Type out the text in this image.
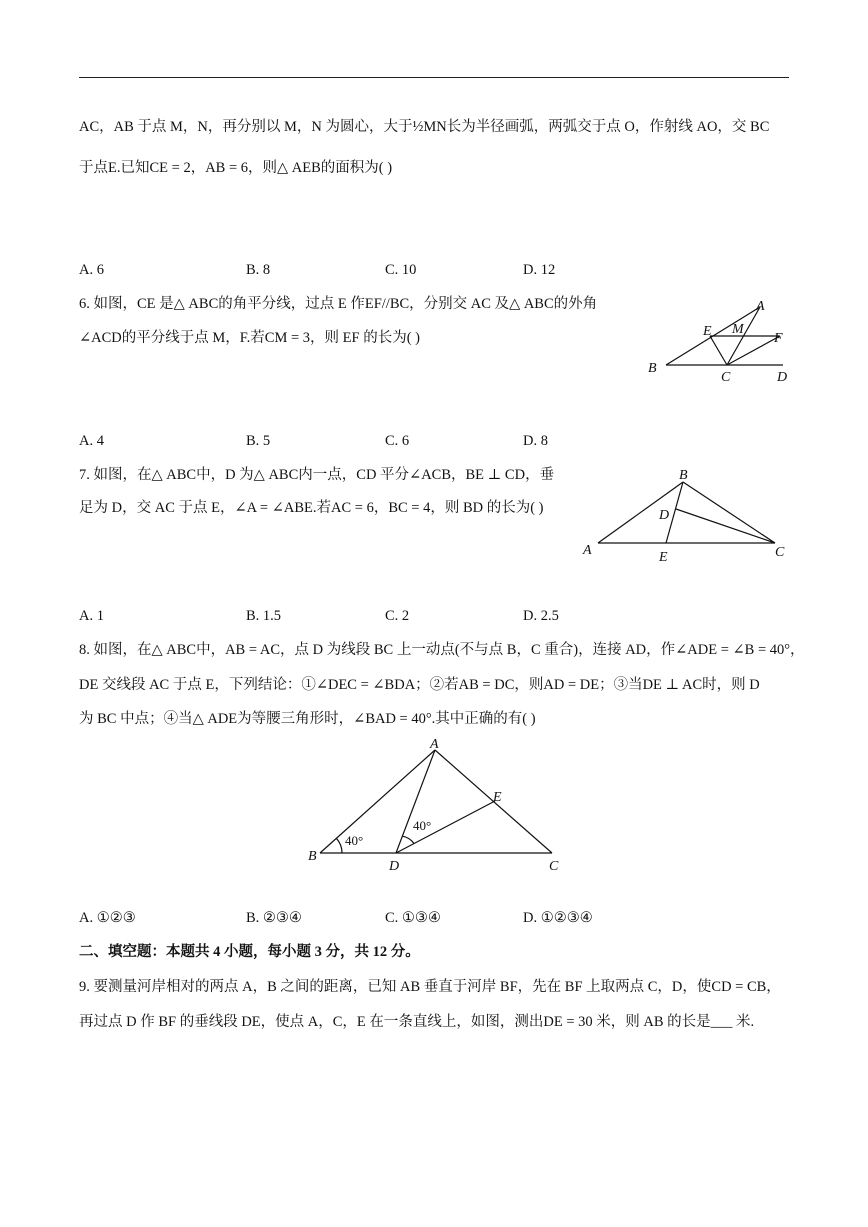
AC，AB 于点 M，N，再分别以 M，N 为圆心，大于½MN长为半径画弧，两弧交于点 O，作射线 AO，交 BC
于点E.已知CE = 2，AB = 6，则△ AEB的面积为( )
A. 6	B. 8	C. 10	D. 12
6. 如图，CE 是△ ABC的角平分线，过点 E 作EF//BC，分别交 AC 及△ ABC的外角
∠ACD的平分线于点 M，F.若CM = 3，则 EF 的长为( )
A
E M
F
B
C	D
A. 4	B. 5	C. 6	D. 8
7. 如图，在△ ABC中，D 为△ ABC内一点，CD 平分∠ACB，BE ⊥ CD，垂
足为 D，交 AC 于点 E，∠A = ∠ABE.若AC = 6，BC = 4，则 BD 的长为( )
B
D
A	E	C
A. 1	B. 1.5	C. 2	D. 2.5
8. 如图，在△ ABC中，AB = AC，点 D 为线段 BC 上一动点(不与点 B，C 重合)，连接 AD，作∠ADE = ∠B = 40°，
DE 交线段 AC 于点 E，下列结论：①∠DEC = ∠BDA；②若AB = DC，则AD = DE；③当DE ⊥ AC时，则 D
为 BC 中点；④当△ ADE为等腰三角形时，∠BAD = 40°.其中正确的有( )
A
E
B
D	C
40°
40°
A. ①②③	B. ②③④	C. ①③④	D. ①②③④
二、填空题：本题共 4 小题，每小题 3 分，共 12 分。
9. 要测量河岸相对的两点 A，B 之间的距离，已知 AB 垂直于河岸 BF，先在 BF 上取两点 C，D，使CD = CB，
再过点 D 作 BF 的垂线段 DE，使点 A，C，E 在一条直线上，如图，测出DE = 30 米，则 AB 的长是___ 米.
